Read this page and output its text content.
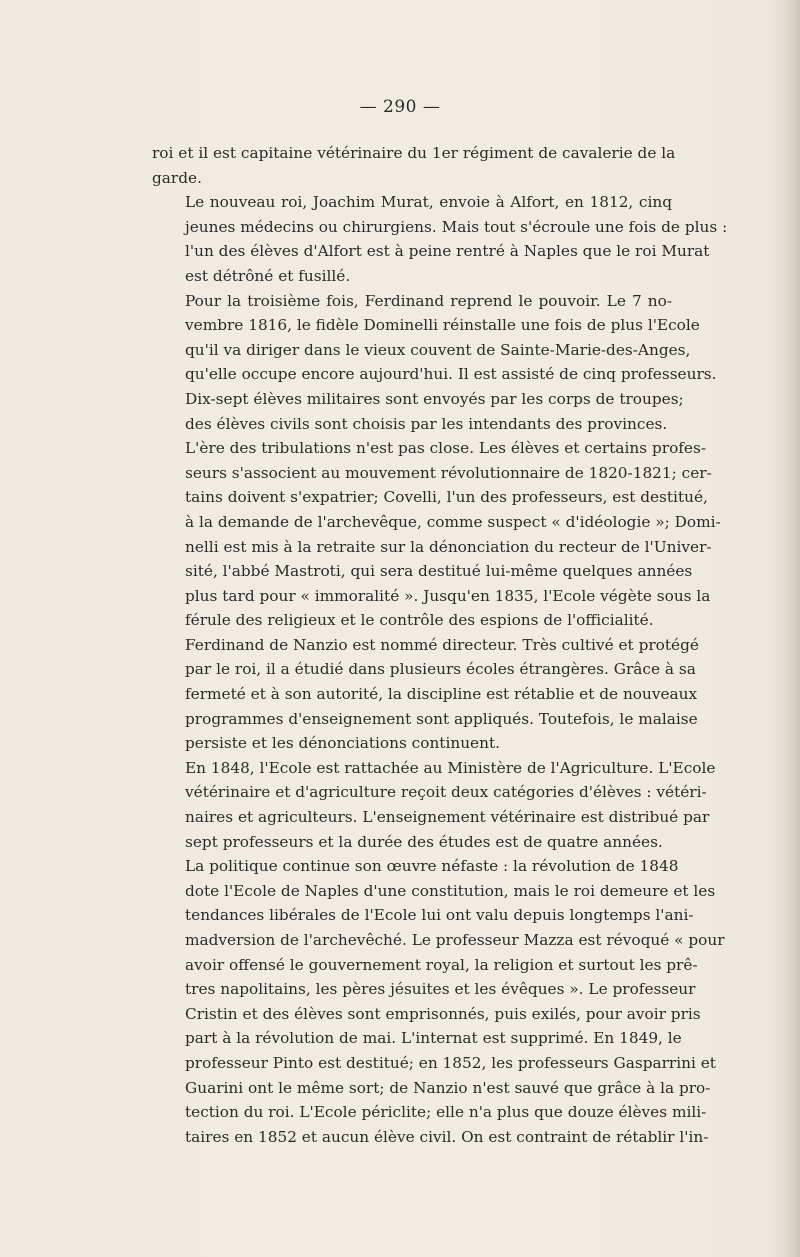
— 290 —

roi et il est capitaine vétérinaire du 1er régiment de cavalerie de la
garde.

Le nouveau roi, Joachim Murat, envoie à Alfort, en 1812, cinq
jeunes médecins ou chirurgiens. Mais tout s'écroule une fois de plus :
l'un des élèves d'Alfort est à peine rentré à Naples que le roi Murat
est détrôné et fusillé.

Pour la troisième fois, Ferdinand reprend le pouvoir. Le 7 no-
vembre 1816, le fidèle Dominelli réinstalle une fois de plus l'Ecole
qu'il va diriger dans le vieux couvent de Sainte-Marie-des-Anges,
qu'elle occupe encore aujourd'hui. Il est assisté de cinq professeurs.
Dix-sept élèves militaires sont envoyés par les corps de troupes;
des élèves civils sont choisis par les intendants des provinces.

L'ère des tribulations n'est pas close. Les élèves et certains profes-
seurs s'associent au mouvement révolutionnaire de 1820-1821; cer-
tains doivent s'expatrier; Covelli, l'un des professeurs, est destitué,
à la demande de l'archevêque, comme suspect « d'idéologie »; Domi-
nelli est mis à la retraite sur la dénonciation du recteur de l'Univer-
sité, l'abbé Mastroti, qui sera destitué lui-même quelques années
plus tard pour « immoralité ». Jusqu'en 1835, l'Ecole végète sous la
férule des religieux et le contrôle des espions de l'officialité.

Ferdinand de Nanzio est nommé directeur. Très cultivé et protégé
par le roi, il a étudié dans plusieurs écoles étrangères. Grâce à sa
fermeté et à son autorité, la discipline est rétablie et de nouveaux
programmes d'enseignement sont appliqués. Toutefois, le malaise
persiste et les dénonciations continuent.

En 1848, l'Ecole est rattachée au Ministère de l'Agriculture. L'Ecole
vétérinaire et d'agriculture reçoit deux catégories d'élèves : vétéri-
naires et agriculteurs. L'enseignement vétérinaire est distribué par
sept professeurs et la durée des études est de quatre années.

La politique continue son œuvre néfaste : la révolution de 1848
dote l'Ecole de Naples d'une constitution, mais le roi demeure et les
tendances libérales de l'Ecole lui ont valu depuis longtemps l'ani-
madversion de l'archevêché. Le professeur Mazza est révoqué « pour
avoir offensé le gouvernement royal, la religion et surtout les prê-
tres napolitains, les pères jésuites et les évêques ». Le professeur
Cristin et des élèves sont emprisonnés, puis exilés, pour avoir pris
part à la révolution de mai. L'internat est supprimé. En 1849, le
professeur Pinto est destitué; en 1852, les professeurs Gasparrini et
Guarini ont le même sort; de Nanzio n'est sauvé que grâce à la pro-
tection du roi. L'Ecole périclite; elle n'a plus que douze élèves mili-
taires en 1852 et aucun élève civil. On est contraint de rétablir l'in-
